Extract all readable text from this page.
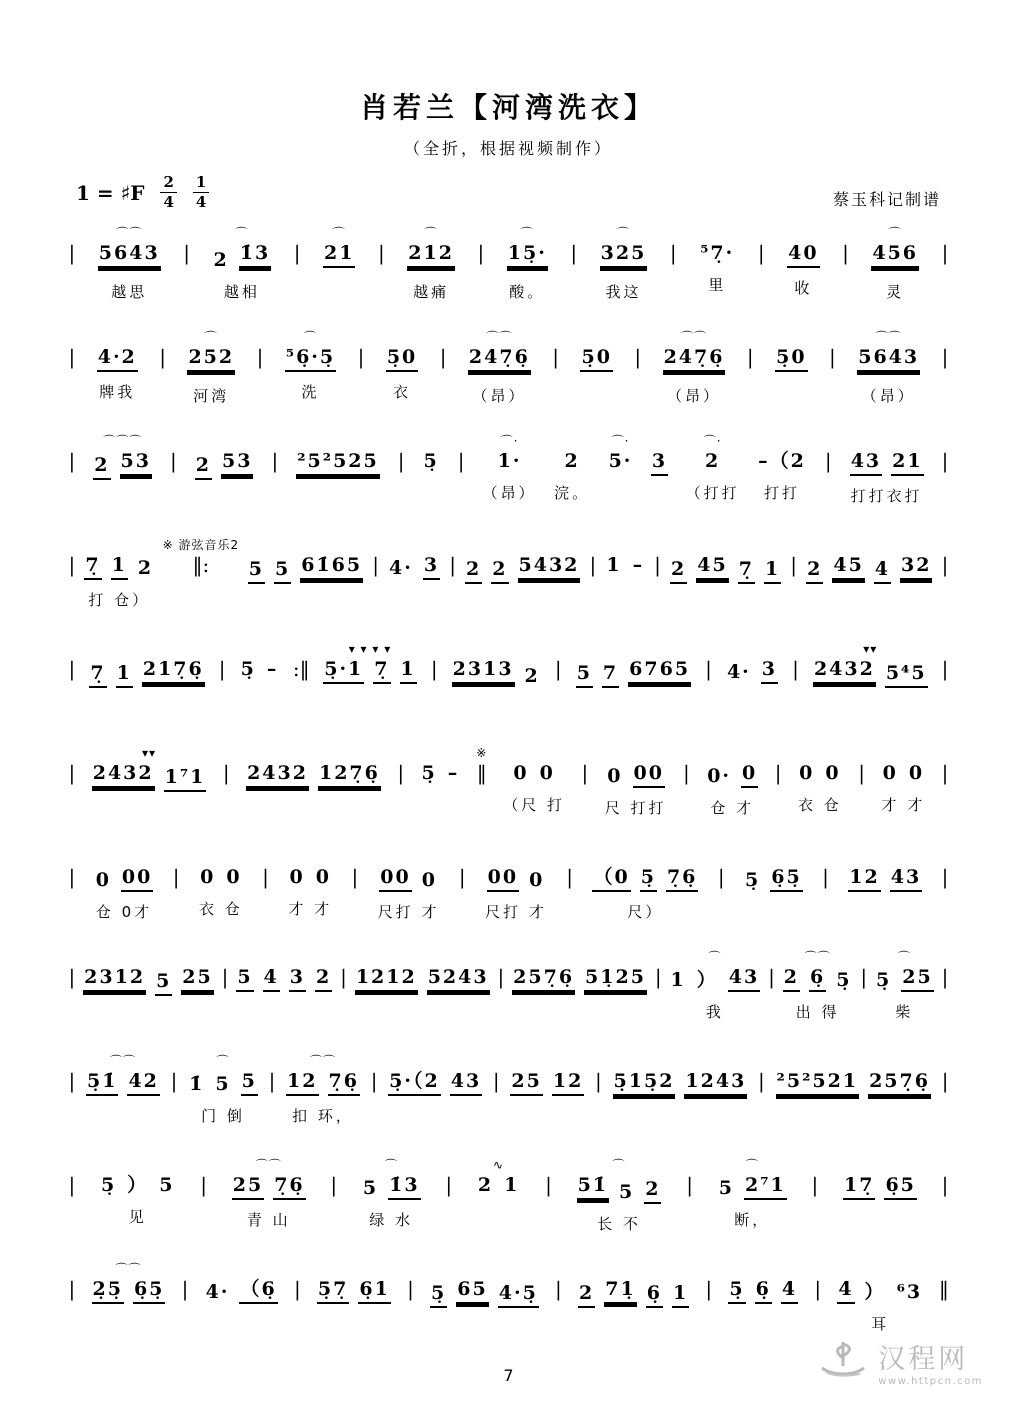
肖若兰【河湾洗衣】
（全折，根据视频制作）
1 = ♯F $\frac{2}{4} \frac{1}{4}$	蔡玉科记制谱

|

⌒⌒
5643
越思

|

⌒
2 1̇3
越相

|

⌒
21

|

⌒
212
越痛

|

⌒
15̣·
酸。

|

⌒
325
我这

|

⁵7̣·
里

|

40
收

|

⌒
456
灵

|

|

4·2
牌我

|

⌒
252
河湾

|

⌒
⁵6̣·5̣
洗

|

5̣0
衣

|

⌒⌒
247̣6̣
（昂）

|

5̣0

|

⌒⌒
247̣6̣
（昂）

|

5̣0

|

⌒⌒
5643
（昂）

|

|

⌒⌒⌒
2 53

|

2 53

|

²5²525

|

5̣

|

⌒·
1·
（昂）

2
浣。
⌒·
5·

3

⌒·
2
（打打

–（2
打打

|

43 21
打打衣打

|

|

7̣ 1 2
打 仓）
※ 游弦音乐2
‖:

5 5 61̇65

|

4· 3

|

2 2 5432

|

1 –

|

2 45 7̣ 1

|

2 45 4 32

|

|

7̣ 1 217̣6̣

|

5̣ –

:‖

▾ ▾ ▾ ▾
5̣·1 7̣ 1

|

2313 2

|

5 7 6765

|

4· 3

|

▾▾
2432 5⁴5

|

|

▾▾
2432 1⁷1

|

2432 127̣6̣

|

5̣ –

※
‖

0 0
（尺 打

|

0 00
尺 打打

|

0· 0
仓 才

|

0 0
衣 仓

|

0 0
才 才

|

|

0 00
仓 0才

|

0 0
衣 仓

|

0 0
才 才

|

00 0
尺打 才

|

00 0
尺打 才

|

（0 5̣ 7̣6̣
尺）

|

5̣ 6̣5̣

|

12 43

|

|

2312 5 25

|

5 4 3 2

|

1212 5243

|

257̣6̣ 51̣25

|

⌒
1 ） 43
我

|

⌒⌒
2 6̣ 5̣
出 得

|

⌒
5̣ 25
柴

|

|

⌒⌒
5̣1̇ 42

|

⌒
1̇ 5 5
门 倒

|

⌒⌒
12 7̣6̣
扣 环，

|

5̣·（2 43

|

25 12

|

5̣15̣2 1243

|

²5²521 257̣6̣

|

|

5̣ ） 5
见

|

⌒⌒
25 7̣6̣
青 山

|

⌒
5 1̇3
绿 水

|

∿
2 1

|

⌒
51̇ 5 2
长 不

|

⌒
5 2⁷1
断，

|

17̣ 6̣5

|

|

⌒⌒
2̣5̣ 6̣5̣

|

4· （6̣

|

5̣7̣ 6̣1

|

5̣ 65 4·5̣

|

2 71̣ 6̣ 1

|

5̣ 6̣ 4

|

4 ） ⁶3
耳

‖

7
汉程网
www.httpcn.com
